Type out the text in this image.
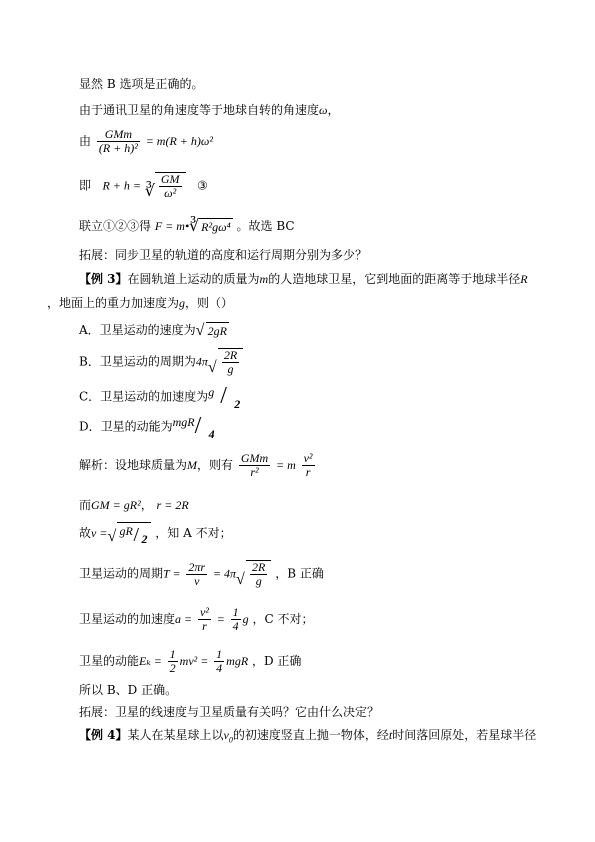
显然 B 选项是正确的。
由于通讯卫星的角速度等于地球自转的角速度ω，
由 $\frac{\text{GMm}}{\text{(R + h)²}} = m(R + h)\omega^2$
即 R + h = ∛ $\frac{GM}{\text{ω²}}$ ③
联立①②③得 F = m• ∛ R²gω⁴ 。故选 BC
拓展：同步卫星的轨道的高度和运行周期分别为多少？
【例 3】在圆轨道上运动的质量为m的人造地球卫星，它到地面的距离等于地球半径R
，地面上的重力加速度为g，则（）
A．卫星运动的速度为 √ 2gR
B．卫星运动的周期为4π √ $\frac{2R}{g}$
C．卫星运动的加速度为 g / 2
D．卫星的动能为 mgR / 4
解析：设地球质量为M，则有 $\frac{\text{GMm}}{\text{r²}} = m \frac{\text{v²}}{r}$
而GM = gR²， r = 2R
故v = √ gR / 2 ，知 A 不对；
卫星运动的周期$T = \frac{2\pi r}{v} = 4\pi$ √ $\frac{2R}{g}$ ，B 正确
卫星运动的加速度$a = \frac{\text{v²}}{r} = \frac{1}{4}$ g ，C 不对；
卫星的动能$E_k = \frac{1}{2} mv^2 = \frac{1}{4}$ mgR ，D 正确
所以 B、D 正确。
拓展：卫星的线速度与卫星质量有关吗？它由什么决定？
【例 4】某人在某星球上以$v_0$的初速度竖直上抛一物体，经t时间落回原处，若星球半径
